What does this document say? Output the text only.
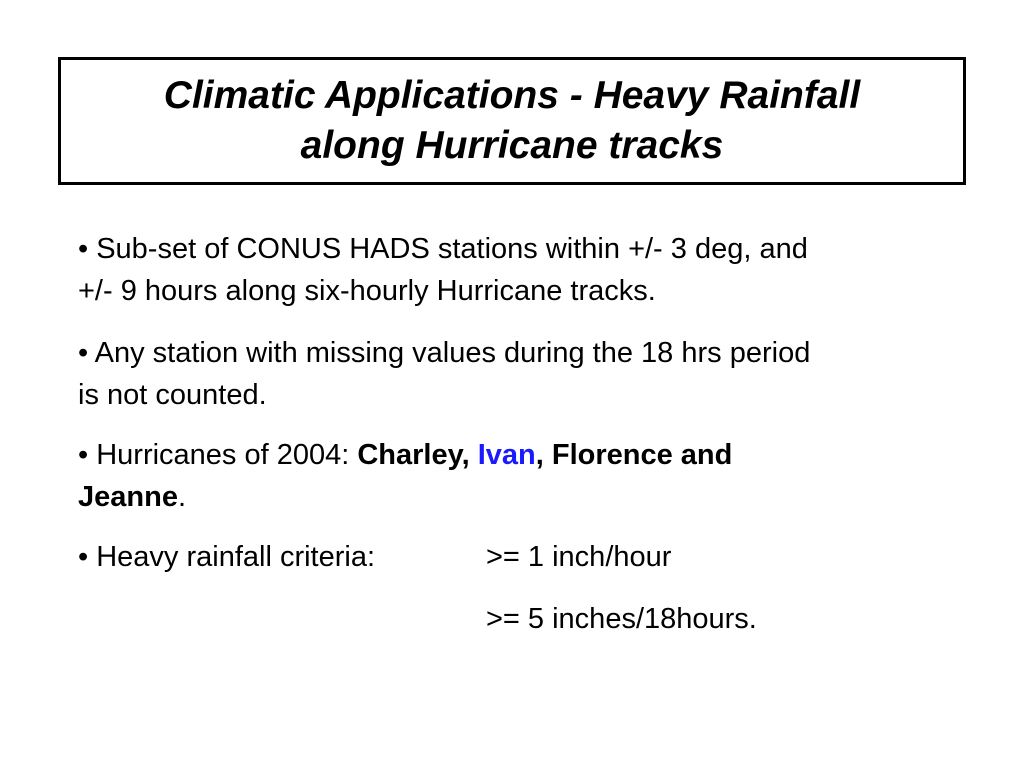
Climatic Applications - Heavy Rainfall
along Hurricane tracks
• Sub-set of CONUS HADS stations within +/- 3 deg, and
+/- 9 hours along six-hourly Hurricane tracks.
• Any station with missing values during the 18 hrs period
is not counted.
• Hurricanes of 2004: Charley, Ivan, Florence and
Jeanne.
• Heavy rainfall criteria:	>= 1 inch/hour
>= 5 inches/18hours.
